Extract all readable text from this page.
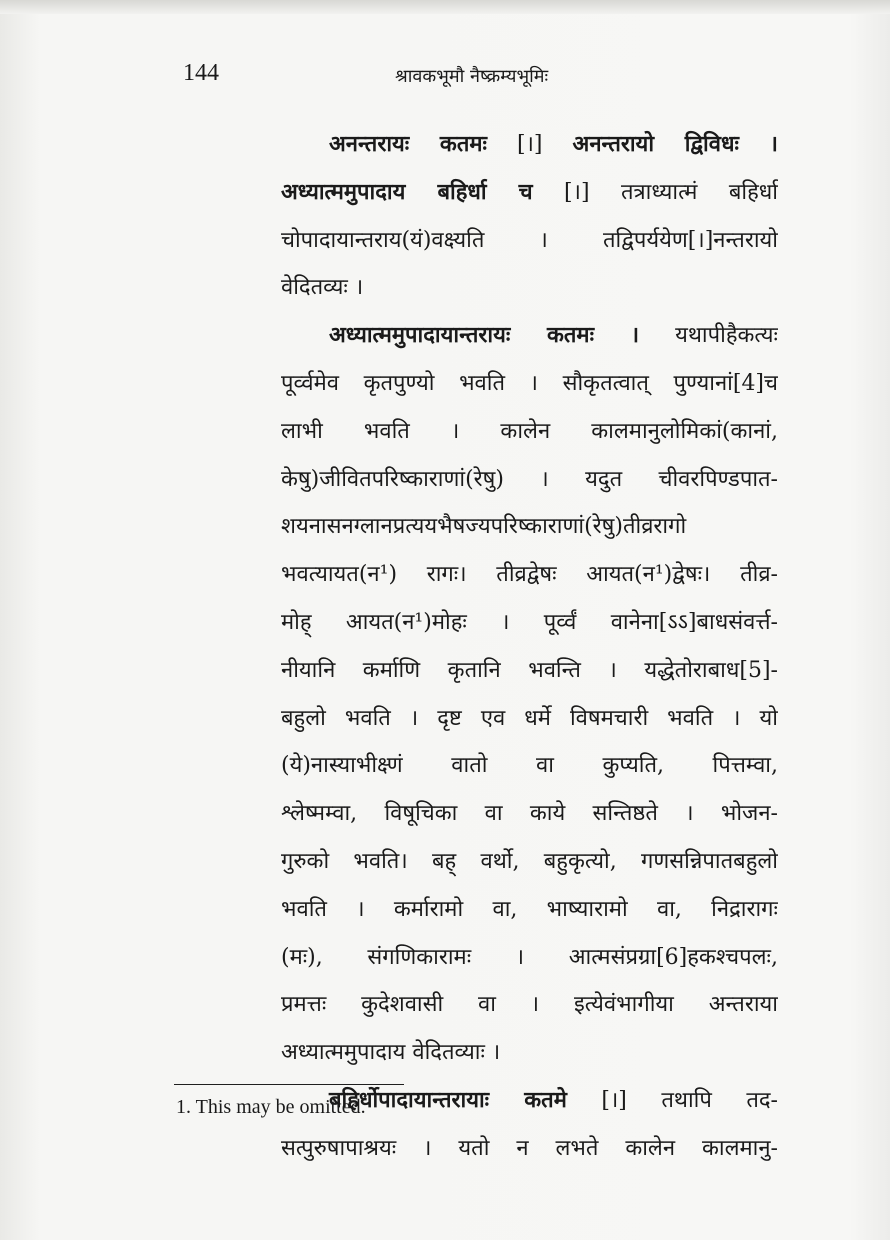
144	श्रावकभूमौ नैष्क्रम्यभूमिः
अनन्तरायः कतमः [।] अनन्तरायो द्विविधः ।
अध्यात्ममुपादाय बहिर्धा च [।] तत्राध्यात्मं बहिर्धा
चोपादायान्तराय(यं)वक्ष्यति । तद्विपर्ययेण[।]नन्तरायो
वेदितव्यः ।
अध्यात्ममुपादायान्तरायः कतमः । यथापीहैकत्यः
पूर्व्वमेव कृतपुण्यो भवति । सौकृतत्वात् पुण्यानां[4]च
लाभी भवति । कालेन कालमानुलोमिकां(कानां,
केषु)जीवितपरिष्काराणां(रेषु) । यदुत चीवरपिण्डपात-
शयनासनग्लानप्रत्ययभैषज्यपरिष्काराणां(रेषु)तीव्ररागो
भवत्यायत(न¹) रागः। तीव्रद्वेषः आयत(न¹)द्वेषः। तीव्र-
मोह् आयत(न¹)मोहः । पूर्व्वं वानेना[ऽऽ]बाधसंवर्त्त-
नीयानि कर्माणि कृतानि भवन्ति । यद्धेतोराबाध[5]-
बहुलो भवति । दृष्ट एव धर्मे विषमचारी भवति । यो
(ये)नास्याभीक्ष्णं वातो वा कुप्यति, पित्तम्वा,
श्लेष्मम्वा, विषूचिका वा काये सन्तिष्ठते । भोजन-
गुरुको भवति। बह् वर्थो, बहुकृत्यो, गणसन्निपातबहुलो
भवति । कर्मारामो वा, भाष्यारामो वा, निद्रारागः
(मः), संगणिकारामः । आत्मसंप्रग्रा[6]हकश्चपलः,
प्रमत्तः कुदेशवासी वा । इत्येवंभागीया अन्तराया
अध्यात्ममुपादाय वेदितव्याः ।
बहिर्धोपादायान्तरायाः कतमे [।] तथापि तद-
सत्पुरुषापाश्रयः । यतो न लभते कालेन कालमानु-
1. This may be omitted.
